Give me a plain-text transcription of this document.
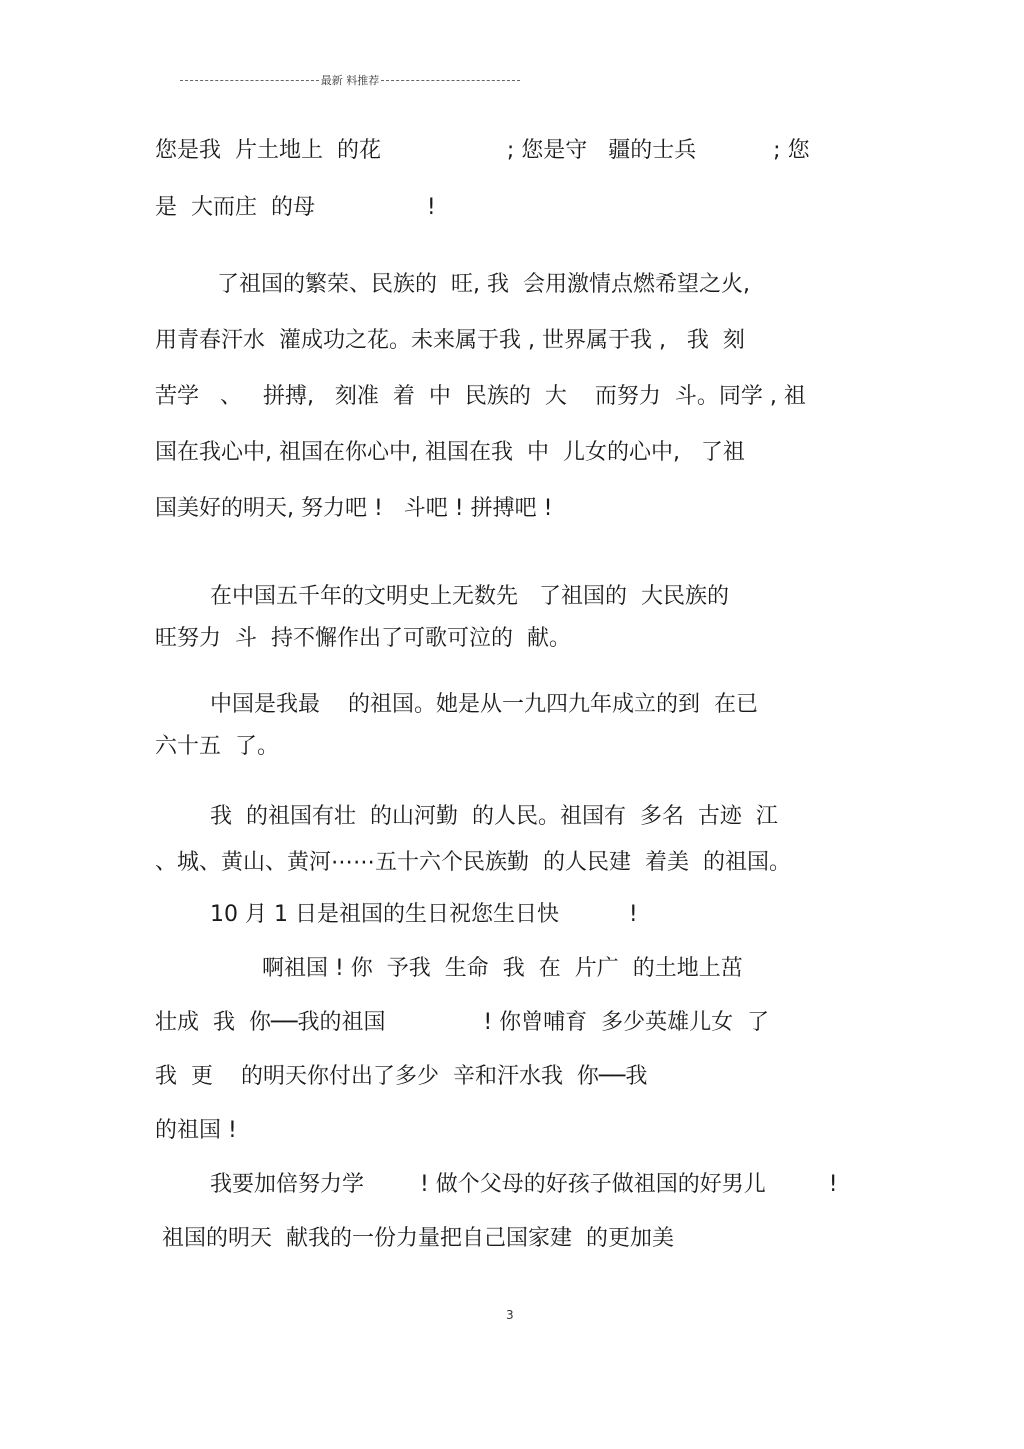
最新 料推荐
您是我  片土地上  的花                  ; 您是守   疆的士兵           ; 您
是  大而庄  的母                !
了祖国的繁荣、民族的  旺, 我  会用激情点燃希望之火,
用青春汗水  灌成功之花。未来属于我 , 世界属于我 ,   我  刻
苦学   、   拼搏,   刻准  着  中  民族的  大    而努力  斗。同学 , 祖
国在我心中, 祖国在你心中, 祖国在我  中  儿女的心中,   了祖
国美好的明天, 努力吧 !   斗吧 ! 拼搏吧 !
在中国五千年的文明史上无数先   了祖国的  大民族的
旺努力  斗  持不懈作出了可歌可泣的  献。
中国是我最    的祖国。她是从一九四九年成立的到  在已
六十五  了。
我  的祖国有壮  的山河勤  的人民。祖国有  多名  古迹  江
、城、黄山、黄河⋯⋯五十六个民族勤  的人民建  着美  的祖国。
10 月 1 日是祖国的生日祝您生日快          !
啊祖国 ! 你  予我  生命  我  在  片广  的土地上茁
壮成  我  你──我的祖国              ! 你曾哺育  多少英雄儿女  了
我  更    的明天你付出了多少  辛和汗水我  你──我
的祖国 !
我要加倍努力学        ! 做个父母的好孩子做祖国的好男儿         !
祖国的明天  献我的一份力量把自己国家建  的更加美
3
